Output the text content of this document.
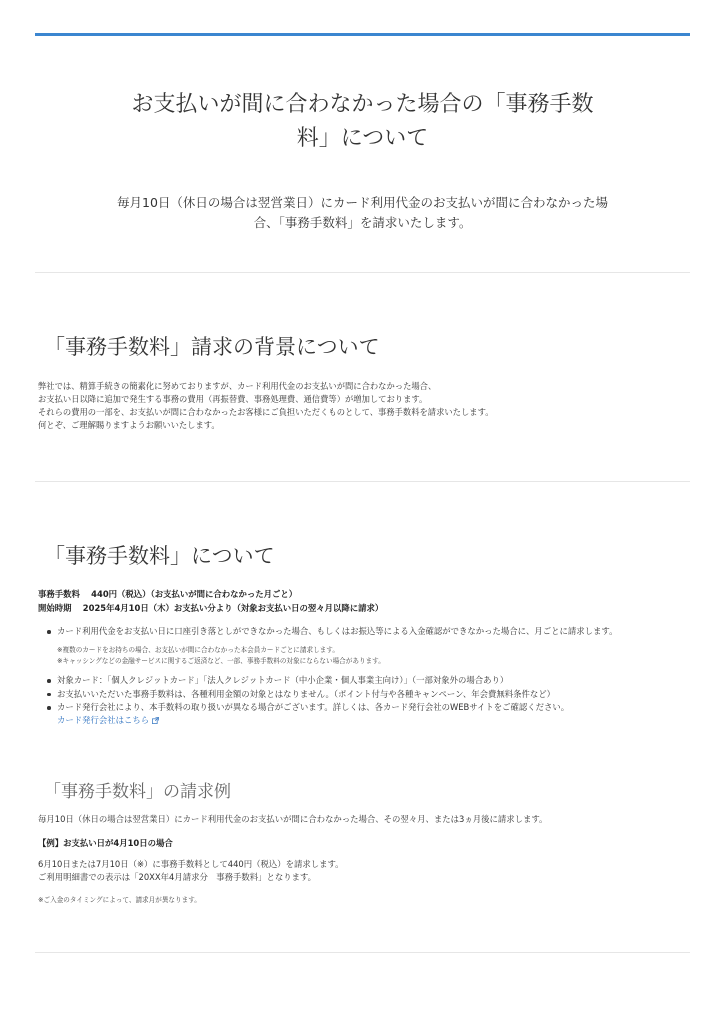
お支払いが間に合わなかった場合の「事務手数
料」について

毎月10日（休日の場合は翌営業日）にカード利用代金のお支払いが間に合わなかった場
合、「事務手数料」を請求いたします。

「事務手数料」請求の背景について

弊社では、精算手続きの簡素化に努めておりますが、カード利用代金のお支払いが間に合わなかった場合、
お支払い日以降に追加で発生する事務の費用（再振替費、事務処理費、通信費等）が増加しております。
それらの費用の一部を、お支払いが間に合わなかったお客様にご負担いただくものとして、事務手数料を請求いたします。
何とぞ、ご理解賜りますようお願いいたします。

「事務手数料」について

事務手数料　 440円（税込）（お支払いが間に合わなかった月ごと）

開始時期　 2025年4月10日（木）お支払い分より（対象お支払い日の翌々月以降に請求）

カード利用代金をお支払い日に口座引き落としができなかった場合、もしくはお振込等による入金確認ができなかった場合に、月ごとに請求します。

※複数のカードをお持ちの場合、お支払いが間に合わなかった本会員カードごとに請求します。

※キャッシングなどの金融サービスに関するご返済など、一部、事務手数料の対象にならない場合があります。

対象カード：「個人クレジットカード」「法人クレジットカード（中小企業・個人事業主向け）」（一部対象外の場合あり）
お支払いいただいた事務手数料は、各種利用金額の対象とはなりません。（ポイント付与や各種キャンペーン、年会費無料条件など）
カード発行会社により、本手数料の取り扱いが異なる場合がございます。詳しくは、各カード発行会社のWEBサイトをご確認ください。
カード発行会社はこちら
「事務手数料」の請求例

毎月10日（休日の場合は翌営業日）にカード利用代金のお支払いが間に合わなかった場合、その翌々月、または3ヵ月後に請求します。

【例】お支払い日が4月10日の場合

6月10日または7月10日（※）に事務手数料として440円（税込）を請求します。
ご利用明細書での表示は「20XX年4月請求分　事務手数料」となります。

※ご入金のタイミングによって、請求月が異なります。
